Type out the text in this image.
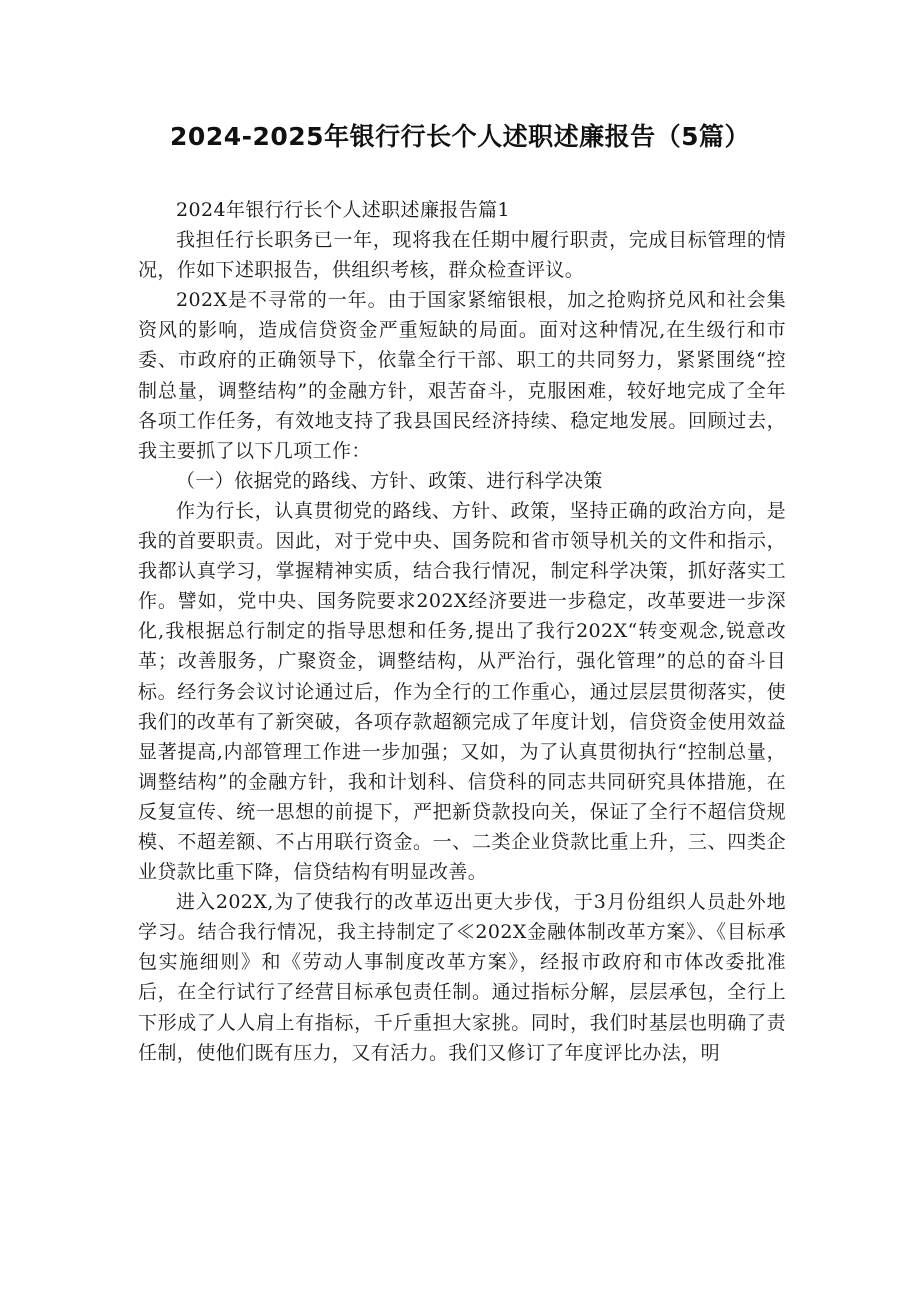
2024-2025年银行行长个人述职述廉报告（5篇）

2024年银行行长个人述职述廉报告篇1

我担任行长职务已一年，现将我在任期中履行职责，完成目标管理的情况，作如下述职报告，供组织考核，群众检查评议。

202X是不寻常的一年。由于国家紧缩银根，加之抢购挤兑风和社会集资风的影响，造成信贷资金严重短缺的局面。面对这种情况,在生级行和市委、市政府的正确领导下，依靠全行干部、职工的共同努力，紧紧围绕“控制总量，调整结构”的金融方针，艰苦奋斗，克服困难，较好地完成了全年各项工作任务，有效地支持了我县国民经济持续、稳定地发展。回顾过去，我主要抓了以下几项工作：

（一）依据党的路线、方针、政策、进行科学决策

作为行长，认真贯彻党的路线、方针、政策，坚持正确的政治方向，是我的首要职责。因此，对于党中央、国务院和省市领导机关的文件和指示，我都认真学习，掌握精神实质，结合我行情况，制定科学决策，抓好落实工作。譬如，党中央、国务院要求202X经济要进一步稳定，改革要进一步深化,我根据总行制定的指导思想和任务,提出了我行202X“转变观念,锐意改革；改善服务，广聚资金，调整结构，从严治行，强化管理”的总的奋斗目标。经行务会议讨论通过后，作为全行的工作重心，通过层层贯彻落实，使我们的改革有了新突破，各项存款超额完成了年度计划，信贷资金使用效益显著提高,内部管理工作进一步加强；又如，为了认真贯彻执行“控制总量，调整结构”的金融方针，我和计划科、信贷科的同志共同研究具体措施，在反复宣传、统一思想的前提下，严把新贷款投向关，保证了全行不超信贷规模、不超差额、不占用联行资金。一、二类企业贷款比重上升，三、四类企业贷款比重下降，信贷结构有明显改善。

进入202X,为了使我行的改革迈出更大步伐，于3月份组织人员赴外地学习。结合我行情况，我主持制定了≪202X金融体制改革方案》、《目标承包实施细则》和《劳动人事制度改革方案》，经报市政府和市体改委批准后，在全行试行了经营目标承包责任制。通过指标分解，层层承包，全行上下形成了人人肩上有指标，千斤重担大家挑。同时，我们时基层也明确了责任制，使他们既有压力，又有活力。我们又修订了年度评比办法，明
